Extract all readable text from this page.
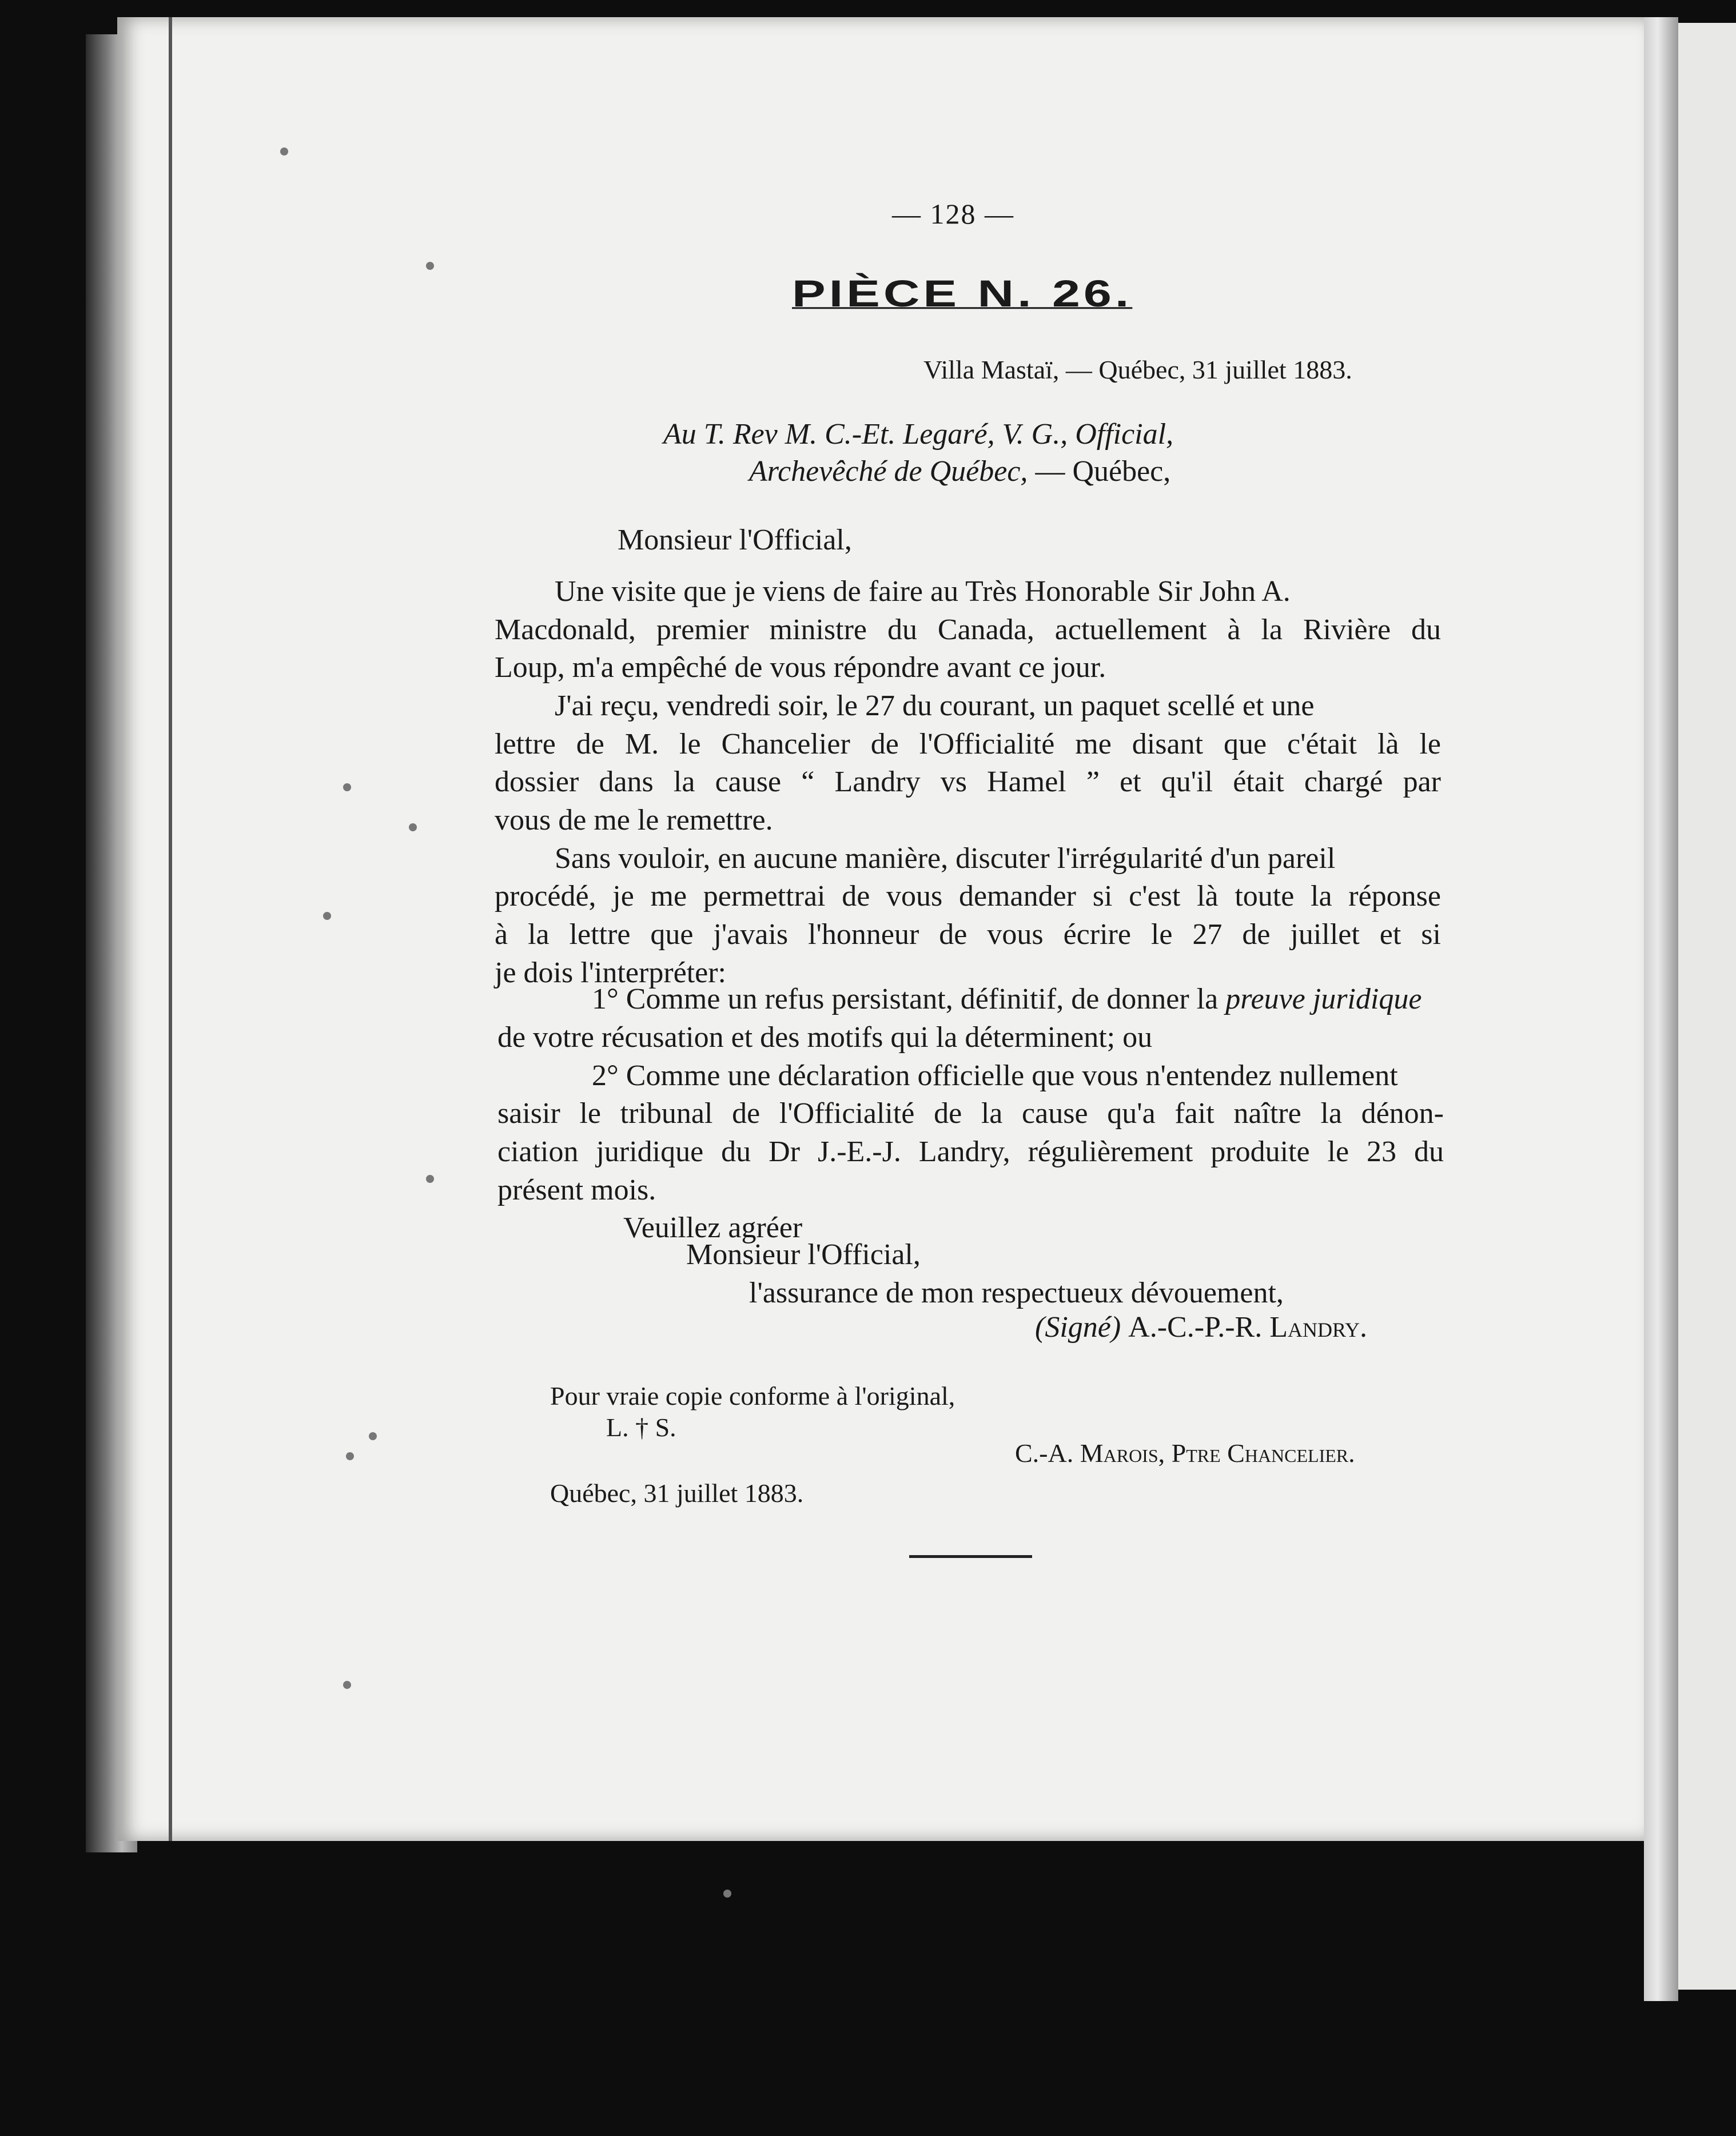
— 128 —
PIÈCE N. 26.
Villa Mastaï, — Québec, 31 juillet 1883.
Au T. Rev M. C.-Et. Legaré, V. G., Official,
Archevêché de Québec, — Québec,
Monsieur l'Official,
Une visite que je viens de faire au Très Honorable Sir John A.
Macdonald, premier ministre du Canada, actuellement à la Rivière du
Loup, m'a empêché de vous répondre avant ce jour.
J'ai reçu, vendredi soir, le 27 du courant, un paquet scellé et une
lettre de M. le Chancelier de l'Officialité me disant que c'était là le
dossier dans la cause “ Landry vs Hamel ” et qu'il était chargé par
vous de me le remettre.
Sans vouloir, en aucune manière, discuter l'irrégularité d'un pareil
procédé, je me permettrai de vous demander si c'est là toute la réponse
à la lettre que j'avais l'honneur de vous écrire le 27 de juillet et si
je dois l'interpréter:
1° Comme un refus persistant, définitif, de donner la preuve juridique
de votre récusation et des motifs qui la déterminent; ou
2° Comme une déclaration officielle que vous n'entendez nullement
saisir le tribunal de l'Officialité de la cause qu'a fait naître la dénon-
ciation juridique du Dr J.-E.-J. Landry, régulièrement produite le 23 du
présent mois.
Veuillez agréer
Monsieur l'Official,
l'assurance de mon respectueux dévouement,
(Signé) A.-C.-P.-R. Landry.
Pour vraie copie conforme à l'original,
L. † S.
C.-A. Marois, Ptre Chancelier.
Québec, 31 juillet 1883.
